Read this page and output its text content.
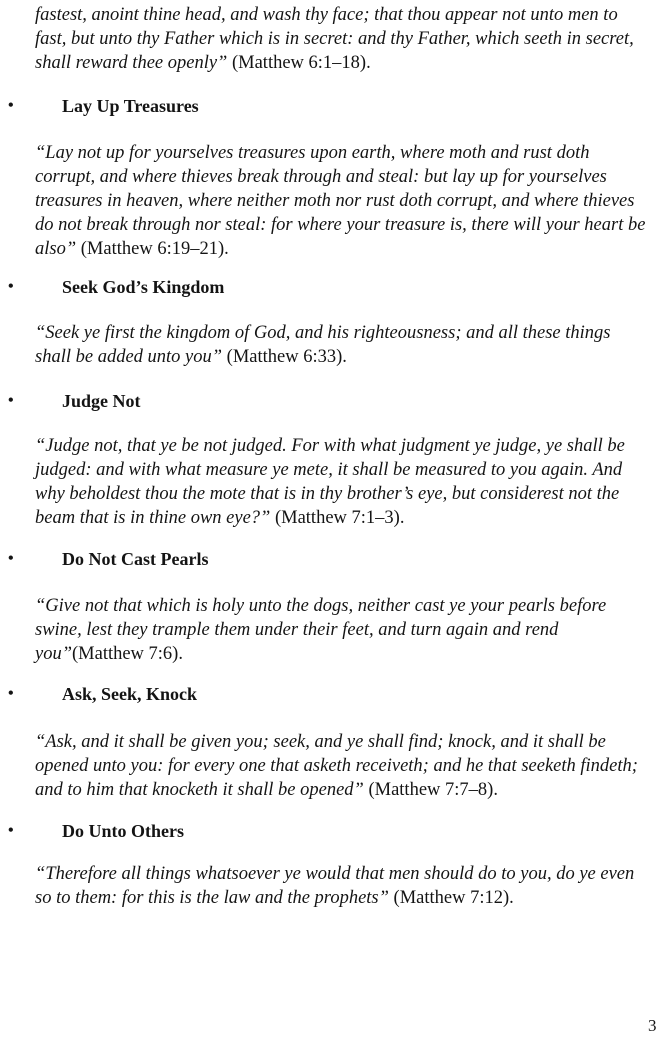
fastest, anoint thine head, and wash thy face; that thou appear not unto men to fast, but unto thy Father which is in secret: and thy Father, which seeth in secret, shall reward thee openly” (Matthew 6:1–18).

•	Lay Up Treasures

“Lay not up for yourselves treasures upon earth, where moth and rust doth corrupt, and where thieves break through and steal: but lay up for yourselves treasures in heaven, where neither moth nor rust doth corrupt, and where thieves do not break through nor steal: for where your treasure is, there will your heart be also” (Matthew 6:19–21).

•	Seek God’s Kingdom

“Seek ye first the kingdom of God, and his righteousness; and all these things shall be added unto you” (Matthew 6:33).

•	Judge Not

“Judge not, that ye be not judged. For with what judgment ye judge, ye shall be judged: and with what measure ye mete, it shall be measured to you again. And why beholdest thou the mote that is in thy brother’s eye, but considerest not the beam that is in thine own eye?” (Matthew 7:1–3).

•	Do Not Cast Pearls

“Give not that which is holy unto the dogs, neither cast ye your pearls before swine, lest they trample them under their feet, and turn again and rend you”(Matthew 7:6).

•	Ask, Seek, Knock

“Ask, and it shall be given you; seek, and ye shall find; knock, and it shall be opened unto you: for every one that asketh receiveth; and he that seeketh findeth; and to him that knocketh it shall be opened” (Matthew 7:7–8).

•	Do Unto Others

“Therefore all things whatsoever ye would that men should do to you, do ye even so to them: for this is the law and the prophets” (Matthew 7:12).

3
